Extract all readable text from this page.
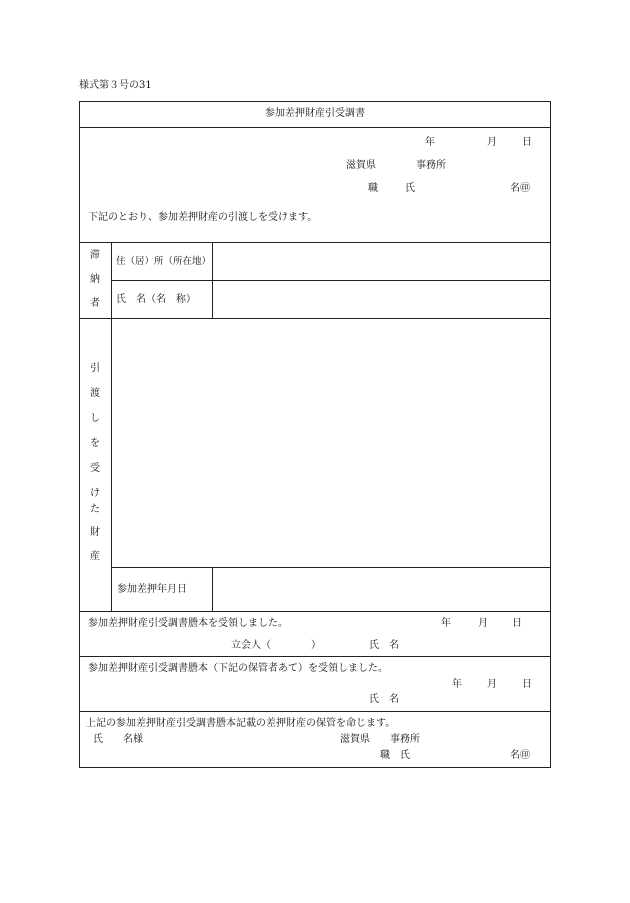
様式第３号の31
参加差押財産引受調書
年	月	日
滋賀県　　　　事務所
職	氏	名㊞
下記のとおり、参加差押財産の引渡しを受けます。
滞
納
者
住（居）所（所在地）
氏　名（名　称）
引
渡
し
を
受
け
た
財
産
参加差押年月日
参加差押財産引受調書謄本を受領しました。	年	月 日
立会人（　　　　）	氏　名
参加差押財産引受調書謄本（下記の保管者あて）を受領しました。
年	月	日
氏　名
上記の参加差押財産引受調書謄本記載の差押財産の保管を命じます。
氏　　名様	滋賀県　　事務所
職　氏	名㊞
